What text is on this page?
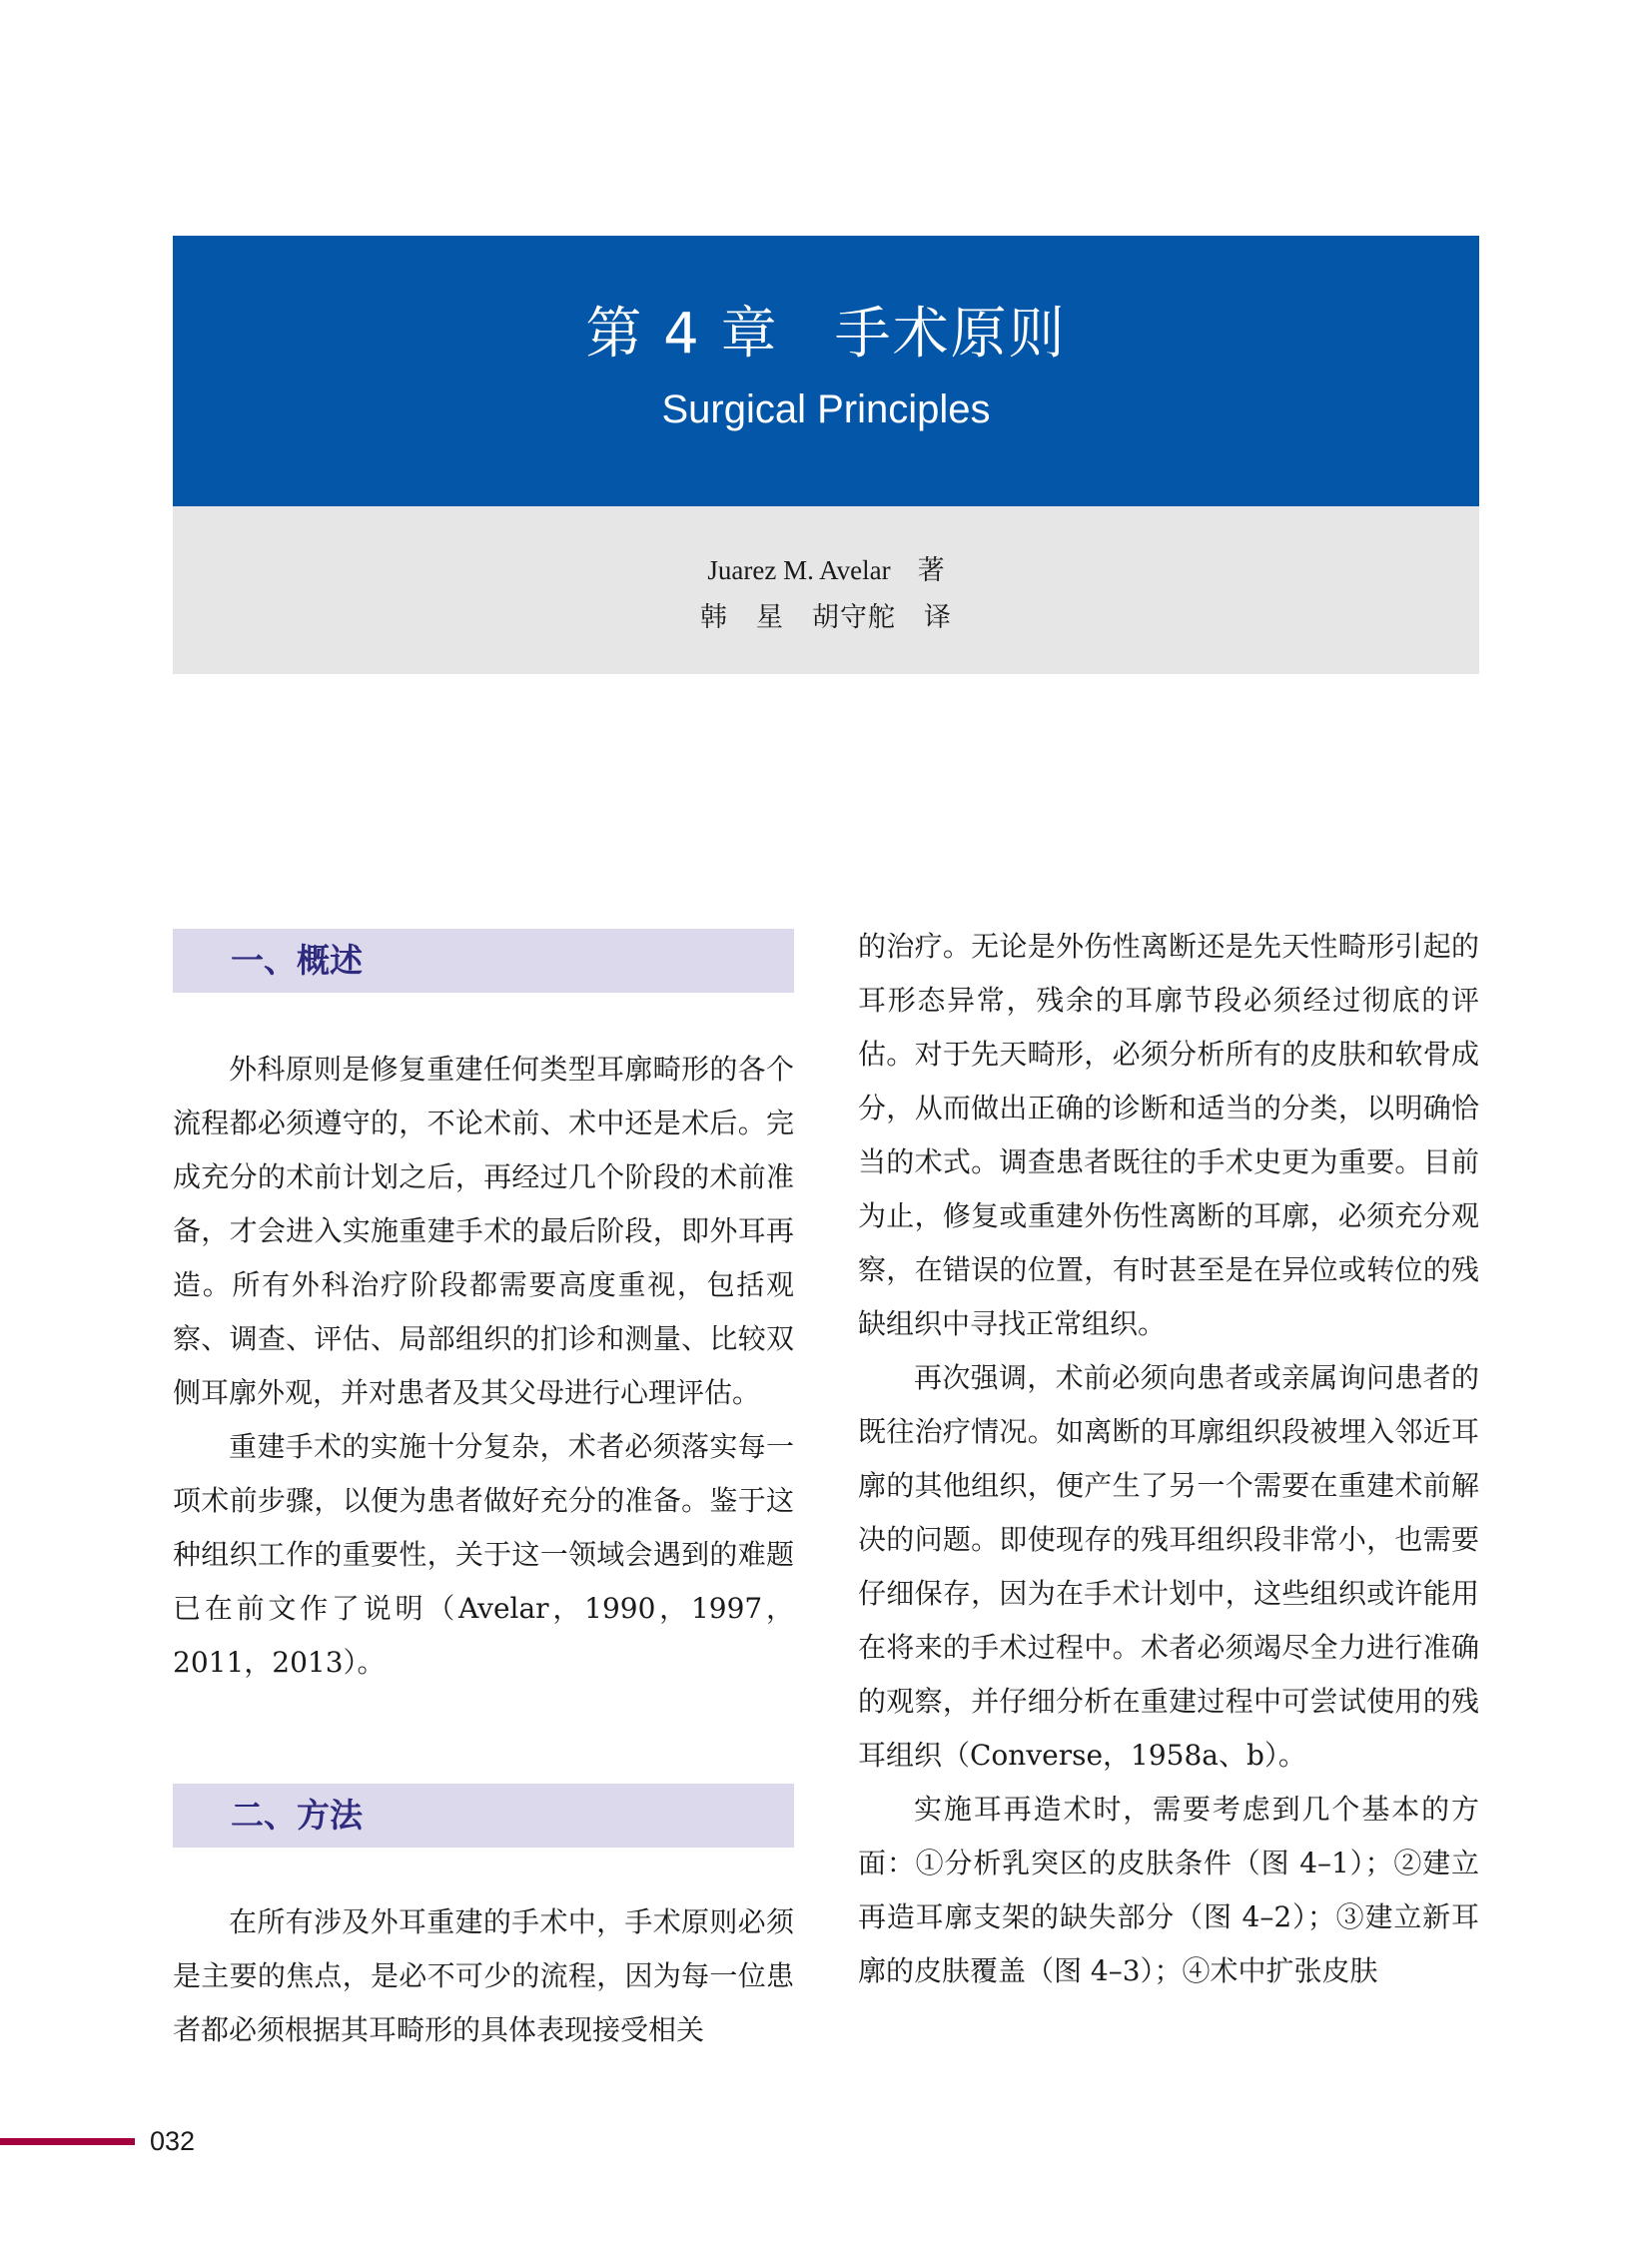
第 4 章 手术原则
Surgical Principles
Juarez M. Avelar　著
韩　星　胡守舵　译
一、概述

外科原则是修复重建任何类型耳廓畸形的各个流程都必须遵守的，不论术前、术中还是术后。完成充分的术前计划之后，再经过几个阶段的术前准备，才会进入实施重建手术的最后阶段，即外耳再造。所有外科治疗阶段都需要高度重视，包括观察、调查、评估、局部组织的扪诊和测量、比较双侧耳廓外观，并对患者及其父母进行心理评估。

重建手术的实施十分复杂，术者必须落实每一项术前步骤，以便为患者做好充分的准备。鉴于这种组织工作的重要性，关于这一领域会遇到的难题已在前文作了说明（Avelar，1990，1997，2011，2013）。

二、方法

在所有涉及外耳重建的手术中，手术原则必须是主要的焦点，是必不可少的流程，因为每一位患者都必须根据其耳畸形的具体表现接受相关

的治疗。无论是外伤性离断还是先天性畸形引起的耳形态异常，残余的耳廓节段必须经过彻底的评估。对于先天畸形，必须分析所有的皮肤和软骨成分，从而做出正确的诊断和适当的分类，以明确恰当的术式。调查患者既往的手术史更为重要。目前为止，修复或重建外伤性离断的耳廓，必须充分观察，在错误的位置，有时甚至是在异位或转位的残缺组织中寻找正常组织。

再次强调，术前必须向患者或亲属询问患者的既往治疗情况。如离断的耳廓组织段被埋入邻近耳廓的其他组织，便产生了另一个需要在重建术前解决的问题。即使现存的残耳组织段非常小，也需要仔细保存，因为在手术计划中，这些组织或许能用在将来的手术过程中。术者必须竭尽全力进行准确的观察，并仔细分析在重建过程中可尝试使用的残耳组织（Converse，1958a、b）。

实施耳再造术时，需要考虑到几个基本的方面：①分析乳突区的皮肤条件（图 4–1）；②建立再造耳廓支架的缺失部分（图 4–2）；③建立新耳廓的皮肤覆盖（图 4–3）；④术中扩张皮肤

032
